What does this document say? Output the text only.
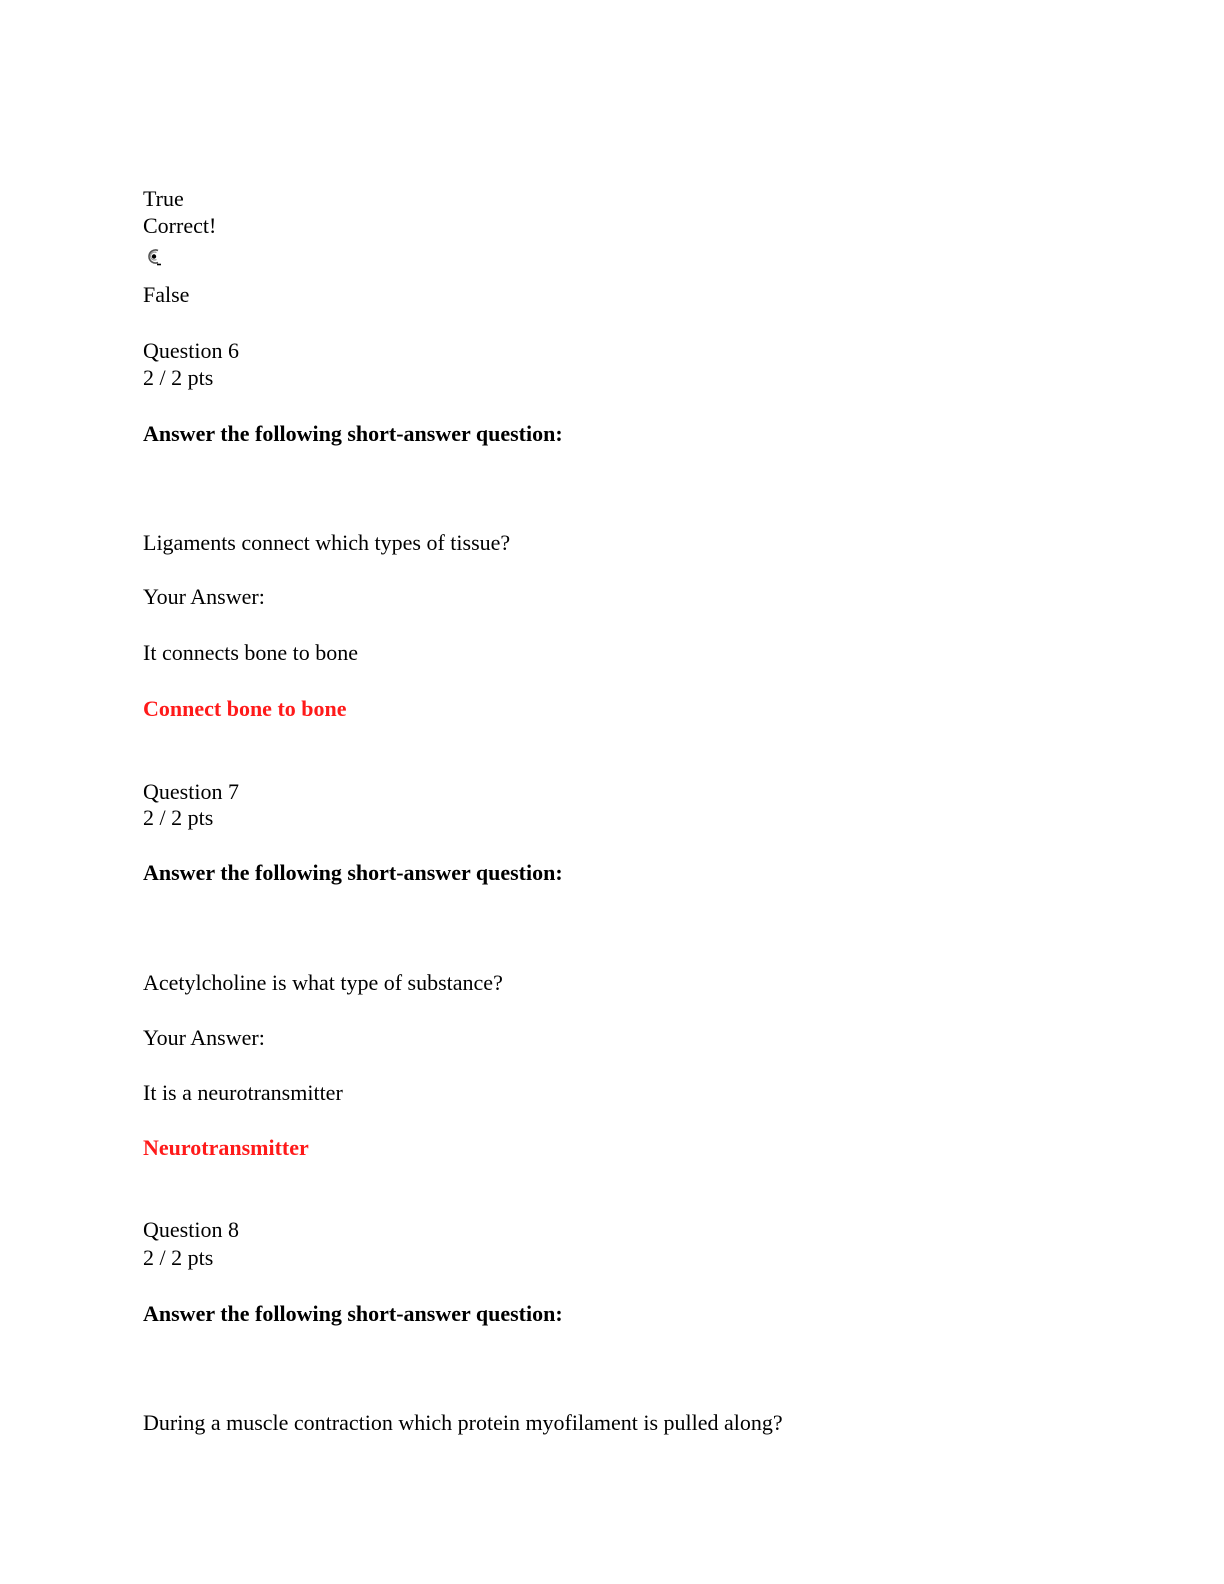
True

Correct!

False

Question 6

2 / 2 pts

Answer the following short-answer question:

Ligaments connect which types of tissue?

Your Answer:

It connects bone to bone

Connect bone to bone

Question 7

2 / 2 pts

Answer the following short-answer question:

Acetylcholine is what type of substance?

Your Answer:

It is a neurotransmitter

Neurotransmitter

Question 8

2 / 2 pts

Answer the following short-answer question:

During a muscle contraction which protein myofilament is pulled along?
